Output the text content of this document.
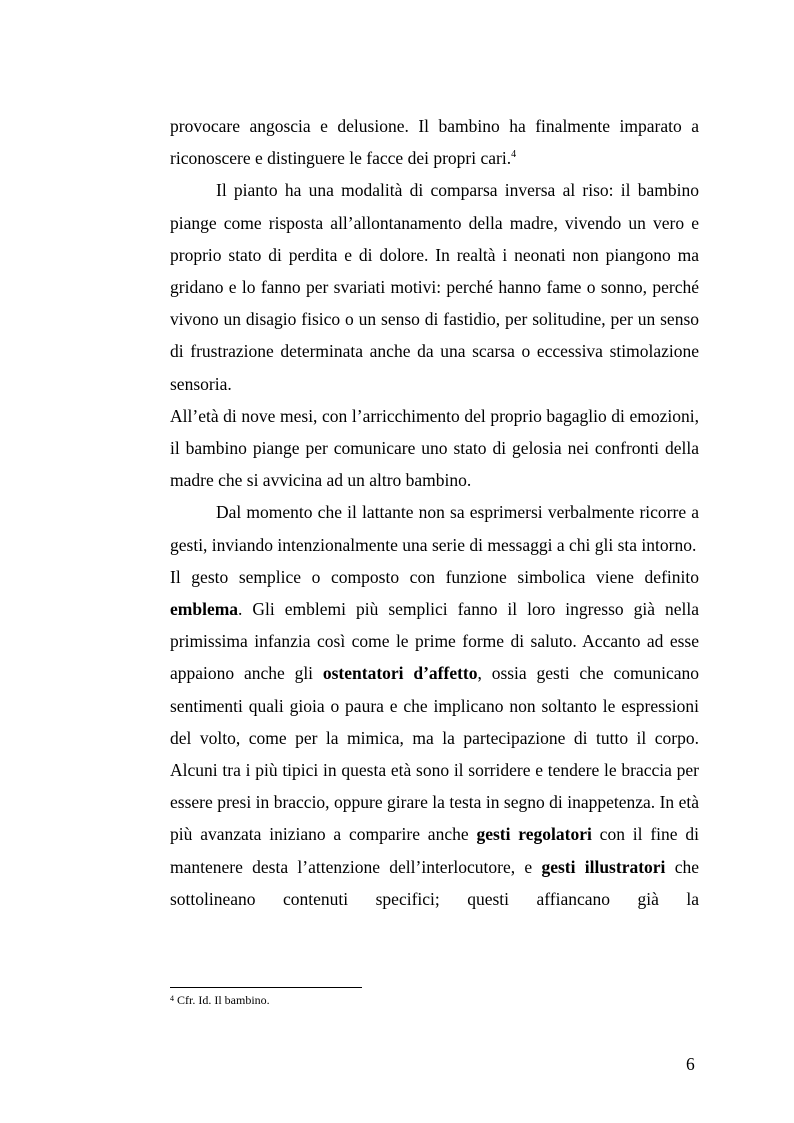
provocare angoscia e delusione. Il bambino ha finalmente imparato a riconoscere e distinguere le facce dei propri cari.$^4$

Il pianto ha una modalità di comparsa inversa al riso: il bambino piange come risposta all’allontanamento della madre, vivendo un vero e proprio stato di perdita e di dolore. In realtà i neonati non piangono ma gridano e lo fanno per svariati motivi: perché hanno fame o sonno, perché vivono un disagio fisico o un senso di fastidio, per solitudine, per un senso di frustrazione determinata anche da una scarsa o eccessiva stimolazione sensoria.

All’età di nove mesi, con l’arricchimento del proprio bagaglio di emozioni, il bambino piange per comunicare uno stato di gelosia nei confronti della madre che si avvicina ad un altro bambino.

Dal momento che il lattante non sa esprimersi verbalmente ricorre a gesti, inviando intenzionalmente una serie di messaggi a chi gli sta intorno.

Il gesto semplice o composto con funzione simbolica viene definito emblema. Gli emblemi più semplici fanno il loro ingresso già nella primissima infanzia così come le prime forme di saluto. Accanto ad esse appaiono anche gli ostentatori d’affetto, ossia gesti che comunicano sentimenti quali gioia o paura e che implicano non soltanto le espressioni del volto, come per la mimica, ma la partecipazione di tutto il corpo. Alcuni tra i più tipici in questa età sono il sorridere e tendere le braccia per essere presi in braccio, oppure girare la testa in segno di inappetenza. In età più avanzata iniziano a comparire anche gesti regolatori con il fine di mantenere desta l’attenzione dell’interlocutore, e gesti illustratori che sottolineano contenuti specifici; questi affiancano già la

$^4$ Cfr. Id. Il bambino.
6
